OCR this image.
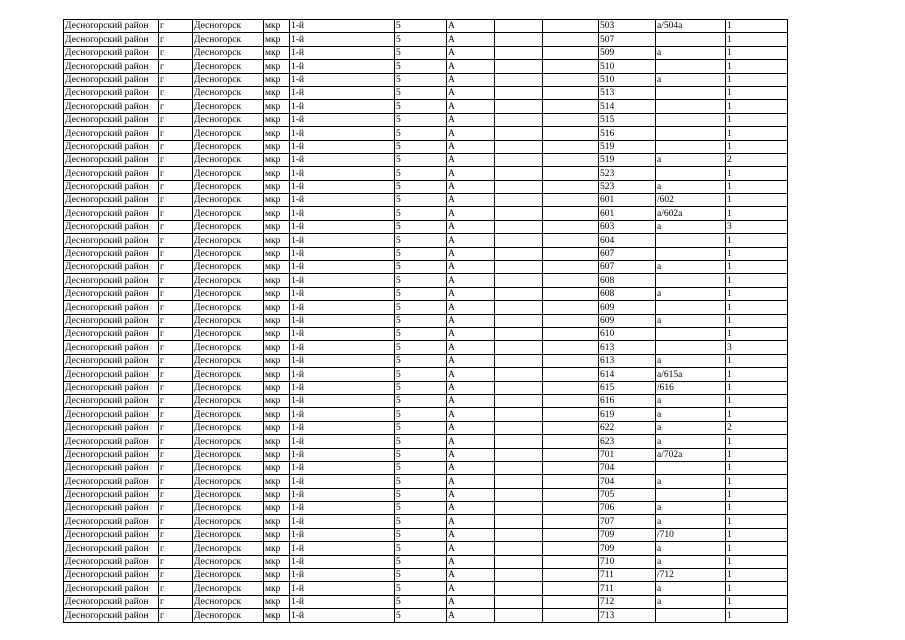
Десногорский район	г	Десногорск	мкр	1-й	5	А			503	а/504а	1
Десногорский район	г	Десногорск	мкр	1-й	5	А			507		1
Десногорский район	г	Десногорск	мкр	1-й	5	А			509	а	1
Десногорский район	г	Десногорск	мкр	1-й	5	А			510		1
Десногорский район	г	Десногорск	мкр	1-й	5	А			510	а	1
Десногорский район	г	Десногорск	мкр	1-й	5	А			513		1
Десногорский район	г	Десногорск	мкр	1-й	5	А			514		1
Десногорский район	г	Десногорск	мкр	1-й	5	А			515		1
Десногорский район	г	Десногорск	мкр	1-й	5	А			516		1
Десногорский район	г	Десногорск	мкр	1-й	5	А			519		1
Десногорский район	г	Десногорск	мкр	1-й	5	А			519	а	2
Десногорский район	г	Десногорск	мкр	1-й	5	А			523		1
Десногорский район	г	Десногорск	мкр	1-й	5	А			523	а	1
Десногорский район	г	Десногорск	мкр	1-й	5	А			601	/602	1
Десногорский район	г	Десногорск	мкр	1-й	5	А			601	а/602а	1
Десногорский район	г	Десногорск	мкр	1-й	5	А			603	а	3
Десногорский район	г	Десногорск	мкр	1-й	5	А			604		1
Десногорский район	г	Десногорск	мкр	1-й	5	А			607		1
Десногорский район	г	Десногорск	мкр	1-й	5	А			607	а	1
Десногорский район	г	Десногорск	мкр	1-й	5	А			608		1
Десногорский район	г	Десногорск	мкр	1-й	5	А			608	а	1
Десногорский район	г	Десногорск	мкр	1-й	5	А			609		1
Десногорский район	г	Десногорск	мкр	1-й	5	А			609	а	1
Десногорский район	г	Десногорск	мкр	1-й	5	А			610		1
Десногорский район	г	Десногорск	мкр	1-й	5	А			613		3
Десногорский район	г	Десногорск	мкр	1-й	5	А			613	а	1
Десногорский район	г	Десногорск	мкр	1-й	5	А			614	а/615а	1
Десногорский район	г	Десногорск	мкр	1-й	5	А			615	/616	1
Десногорский район	г	Десногорск	мкр	1-й	5	А			616	а	1
Десногорский район	г	Десногорск	мкр	1-й	5	А			619	а	1
Десногорский район	г	Десногорск	мкр	1-й	5	А			622	а	2
Десногорский район	г	Десногорск	мкр	1-й	5	А			623	а	1
Десногорский район	г	Десногорск	мкр	1-й	5	А			701	а/702а	1
Десногорский район	г	Десногорск	мкр	1-й	5	А			704		1
Десногорский район	г	Десногорск	мкр	1-й	5	А			704	а	1
Десногорский район	г	Десногорск	мкр	1-й	5	А			705		1
Десногорский район	г	Десногорск	мкр	1-й	5	А			706	а	1
Десногорский район	г	Десногорск	мкр	1-й	5	А			707	а	1
Десногорский район	г	Десногорск	мкр	1-й	5	А			709	/710	1
Десногорский район	г	Десногорск	мкр	1-й	5	А			709	а	1
Десногорский район	г	Десногорск	мкр	1-й	5	А			710	а	1
Десногорский район	г	Десногорск	мкр	1-й	5	А			711	/712	1
Десногорский район	г	Десногорск	мкр	1-й	5	А			711	а	1
Десногорский район	г	Десногорск	мкр	1-й	5	А			712	а	1
Десногорский район	г	Десногорск	мкр	1-й	5	А			713		1
